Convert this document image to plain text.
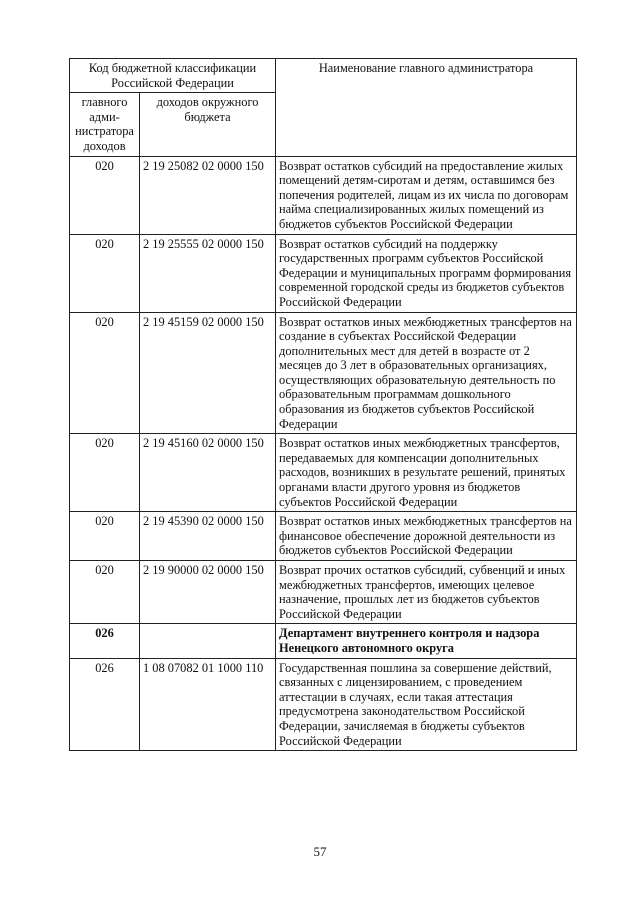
Код бюджетной классификации Российской Федерации		Наименование главного администратора
главного адми-нистратора доходов	доходов окружного бюджета	
020	2 19 25082 02 0000 150	Возврат остатков субсидий на предоставление жилых помещений детям-сиротам и детям, оставшимся без попечения родителей, лицам из их числа по договорам найма специализированных жилых помещений из бюджетов субъектов Российской Федерации
020	2 19 25555 02 0000 150	Возврат остатков субсидий на поддержку государственных программ субъектов Российской Федерации и муниципальных программ формирования современной городской среды из бюджетов субъектов Российской Федерации
020	2 19 45159 02 0000 150	Возврат остатков иных межбюджетных трансфертов на создание в субъектах Российской Федерации дополнительных мест для детей в возрасте от 2 месяцев до 3 лет в образовательных организациях, осуществляющих образовательную деятельность по образовательным программам дошкольного образования из бюджетов субъектов Российской Федерации
020	2 19 45160 02 0000 150	Возврат остатков иных межбюджетных трансфертов, передаваемых для компенсации дополнительных расходов, возникших в результате решений, принятых органами власти другого уровня из бюджетов субъектов Российской Федерации
020	2 19 45390 02 0000 150	Возврат остатков иных межбюджетных трансфертов на финансовое обеспечение дорожной деятельности из бюджетов субъектов Российской Федерации
020	2 19 90000 02 0000 150	Возврат прочих остатков субсидий, субвенций и иных межбюджетных трансфертов, имеющих целевое назначение, прошлых лет из бюджетов субъектов Российской Федерации
026		Департамент внутреннего контроля и надзора Ненецкого автономного округа
026	1 08 07082 01 1000 110	Государственная пошлина за совершение действий, связанных с лицензированием, с проведением аттестации в случаях, если такая аттестация предусмотрена законодательством Российской Федерации, зачисляемая в бюджеты субъектов Российской Федерации
57
